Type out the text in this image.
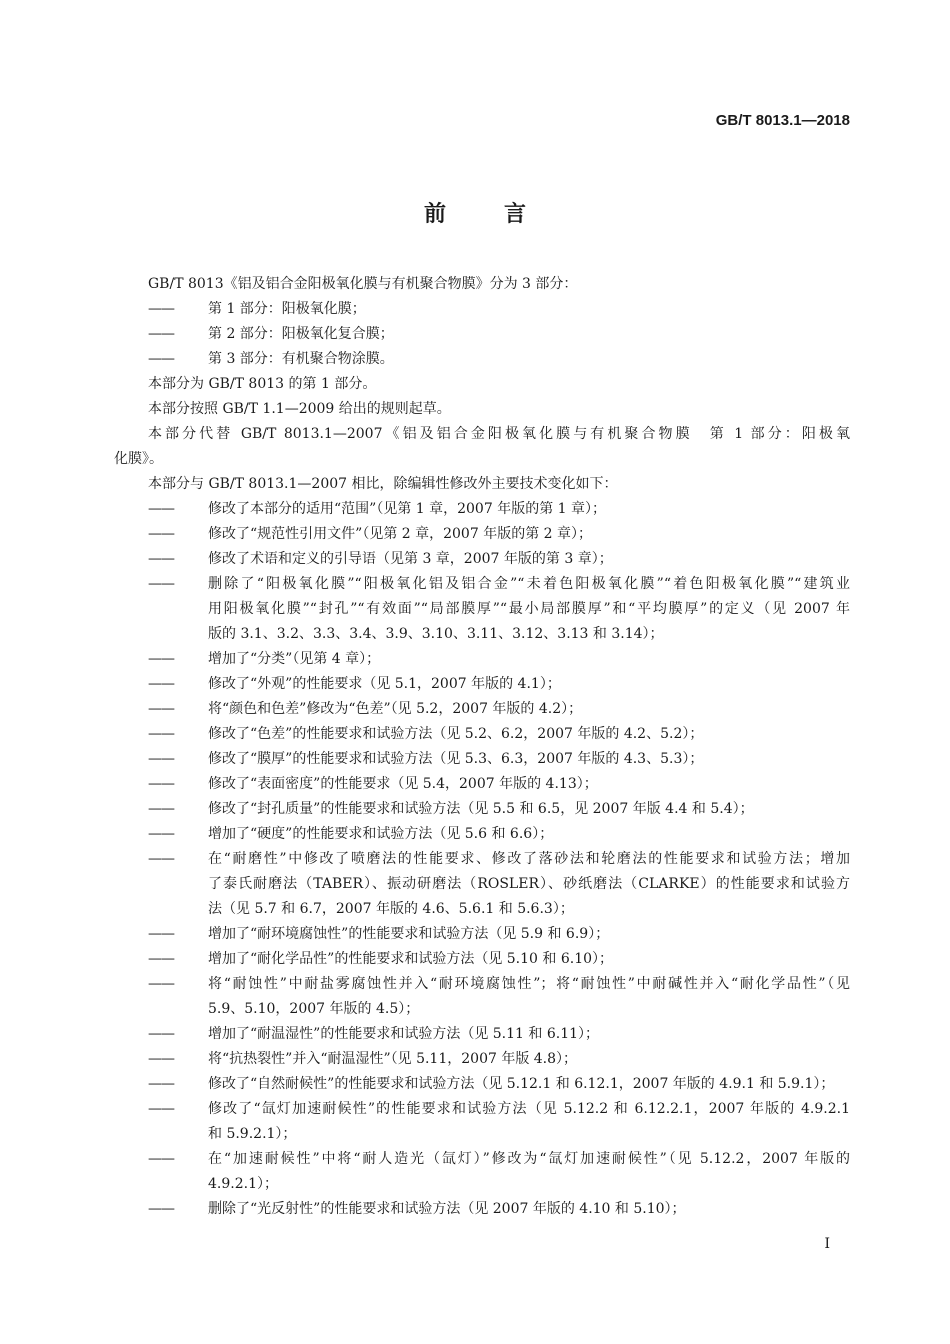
GB/T 8013.1—2018
前言
GB/T 8013《铝及铝合金阳极氧化膜与有机聚合物膜》分为 3 部分：
——	第 1 部分：阳极氧化膜；
——	第 2 部分：阳极氧化复合膜；
——	第 3 部分：有机聚合物涂膜。
本部分为 GB/T 8013 的第 1 部分。
本部分按照 GB/T 1.1—2009 给出的规则起草。
本部分代替 GB/T 8013.1—2007《铝及铝合金阳极氧化膜与有机聚合物膜　第 1 部分：阳极氧
化膜》。
本部分与 GB/T 8013.1—2007 相比，除编辑性修改外主要技术变化如下：
——	修改了本部分的适用“范围”（见第 1 章，2007 年版的第 1 章）；
——	修改了“规范性引用文件”（见第 2 章，2007 年版的第 2 章）；
——	修改了术语和定义的引导语（见第 3 章，2007 年版的第 3 章）；
——	删除了“阳极氧化膜”“阳极氧化铝及铝合金”“未着色阳极氧化膜”“着色阳极氧化膜”“建筑业
用阳极氧化膜”“封孔”“有效面”“局部膜厚”“最小局部膜厚”和“平均膜厚”的定义（见 2007 年
版的 3.1、3.2、3.3、3.4、3.9、3.10、3.11、3.12、3.13 和 3.14）；
——	增加了“分类”（见第 4 章）；
——	修改了“外观”的性能要求（见 5.1，2007 年版的 4.1）；
——	将“颜色和色差”修改为“色差”（见 5.2，2007 年版的 4.2）；
——	修改了“色差”的性能要求和试验方法（见 5.2、6.2，2007 年版的 4.2、5.2）；
——	修改了“膜厚”的性能要求和试验方法（见 5.3、6.3，2007 年版的 4.3、5.3）；
——	修改了“表面密度”的性能要求（见 5.4，2007 年版的 4.13）；
——	修改了“封孔质量”的性能要求和试验方法（见 5.5 和 6.5，见 2007 年版 4.4 和 5.4）；
——	增加了“硬度”的性能要求和试验方法（见 5.6 和 6.6）；
——	在“耐磨性”中修改了喷磨法的性能要求、修改了落砂法和轮磨法的性能要求和试验方法；增加
了泰氏耐磨法（TABER）、振动研磨法（ROSLER）、砂纸磨法（CLARKE）的性能要求和试验方
法（见 5.7 和 6.7，2007 年版的 4.6、5.6.1 和 5.6.3）；
——	增加了“耐环境腐蚀性”的性能要求和试验方法（见 5.9 和 6.9）；
——	增加了“耐化学品性”的性能要求和试验方法（见 5.10 和 6.10）；
——	将“耐蚀性”中耐盐雾腐蚀性并入“耐环境腐蚀性”；将“耐蚀性”中耐碱性并入“耐化学品性”（见
5.9、5.10，2007 年版的 4.5）；
——	增加了“耐温湿性”的性能要求和试验方法（见 5.11 和 6.11）；
——	将“抗热裂性”并入“耐温湿性”（见 5.11，2007 年版 4.8）；
——	修改了“自然耐候性”的性能要求和试验方法（见 5.12.1 和 6.12.1，2007 年版的 4.9.1 和 5.9.1）；
——	修改了“氙灯加速耐候性”的性能要求和试验方法（见 5.12.2 和 6.12.2.1，2007 年版的 4.9.2.1
和 5.9.2.1）；
——	在“加速耐候性”中将“耐人造光（氙灯）”修改为“氙灯加速耐候性”（见 5.12.2，2007 年版的
4.9.2.1）；
——	删除了“光反射性”的性能要求和试验方法（见 2007 年版的 4.10 和 5.10）；
I
